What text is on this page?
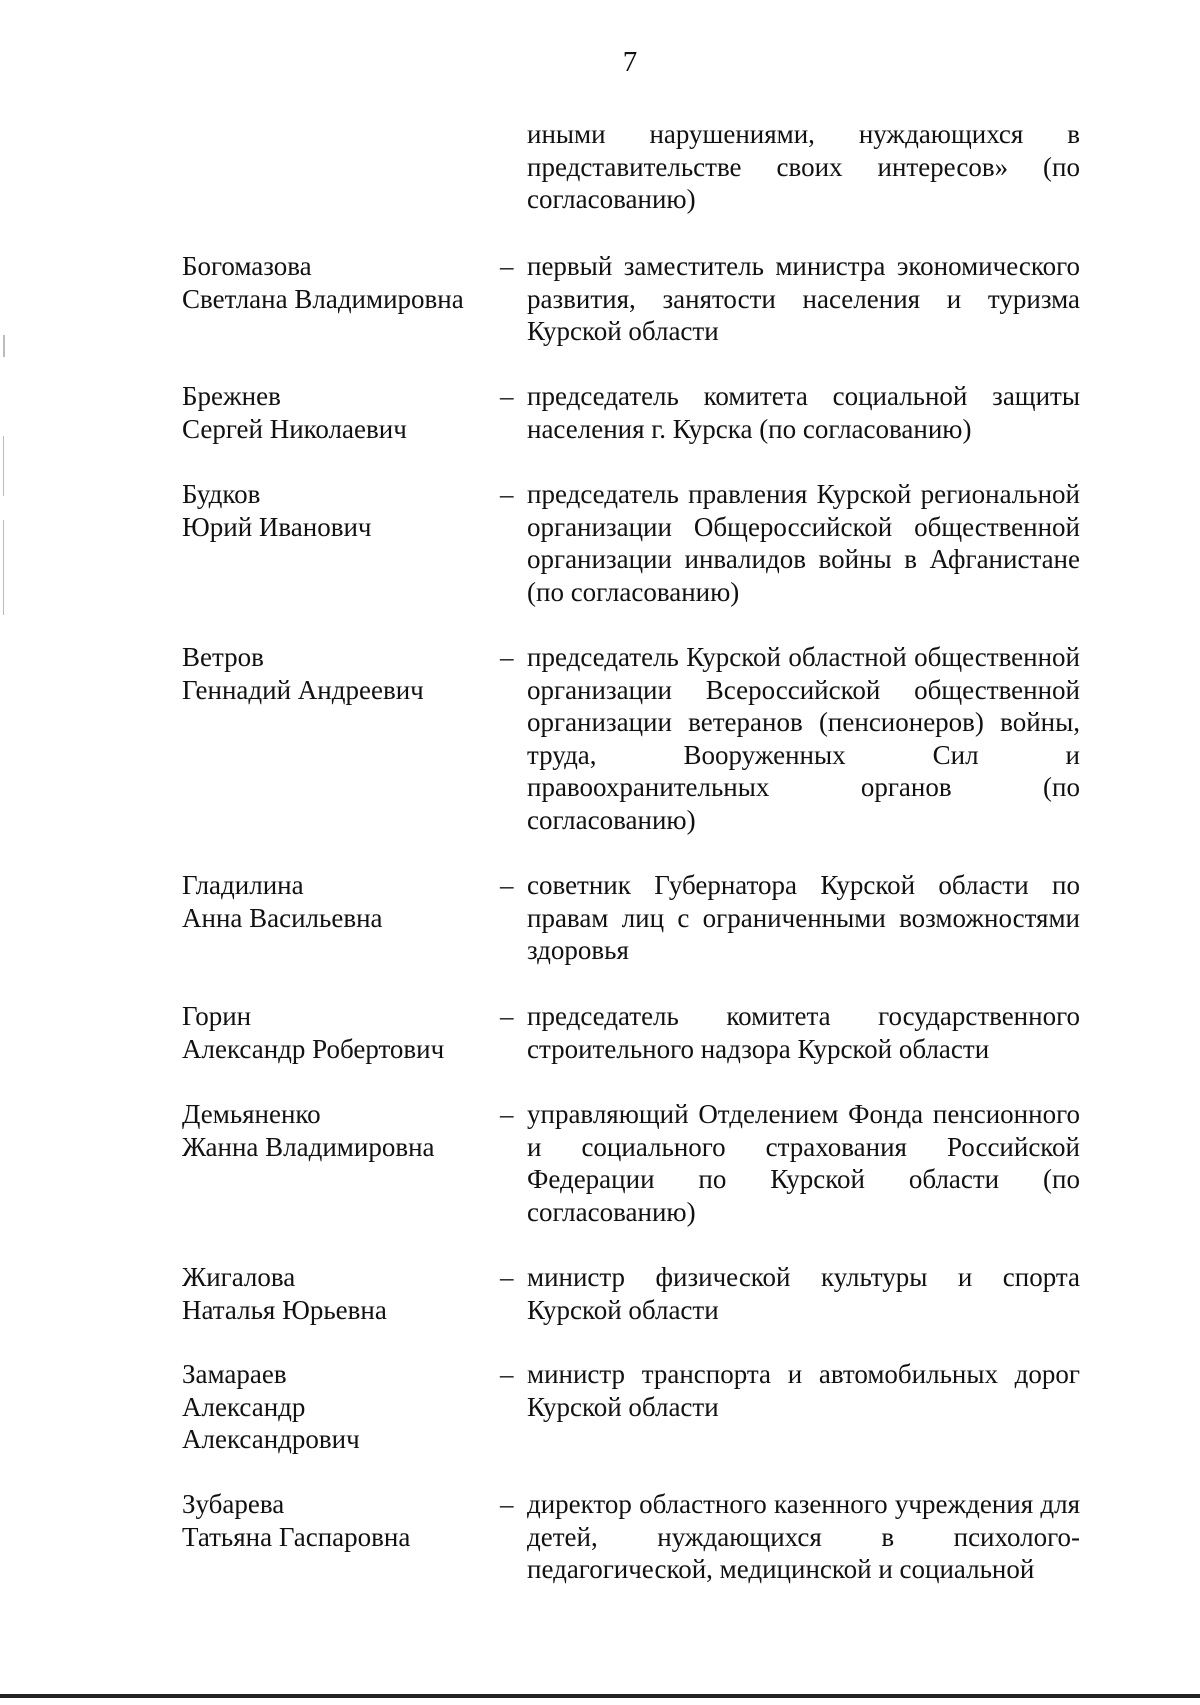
7
иными нарушениями, нуждающихся в представительстве своих интересов» (по согласованию)
Богомазова
Светлана Владимировна
– первый заместитель министра экономического развития, занятости населения и туризма Курской области
Брежнев
Сергей Николаевич
– председатель комитета социальной защиты населения г. Курска (по согласованию)
Будков
Юрий Иванович
– председатель правления Курской региональной организации Общероссийской общественной организации инвалидов войны в Афганистане (по согласованию)
Ветров
Геннадий Андреевич
– председатель Курской областной общественной организации Всероссийской общественной организации ветеранов (пенсионеров) войны, труда, Вооруженных Сил и правоохранительных органов (по согласованию)
Гладилина
Анна Васильевна
– советник Губернатора Курской области по правам лиц с ограниченными возможностями здоровья
Горин
Александр Робертович
– председатель комитета государственного строительного надзора Курской области
Демьяненко
Жанна Владимировна
– управляющий Отделением Фонда пенсионного и социального страхования Российской Федерации по Курской области (по согласованию)
Жигалова
Наталья Юрьевна
– министр физической культуры и спорта Курской области
Замараев
Александр
Александрович
– министр транспорта и автомобильных дорог Курской области
Зубарева
Татьяна Гаспаровна
– директор областного казенного учреждения для детей, нуждающихся в психолого-педагогической, медицинской и социальной
